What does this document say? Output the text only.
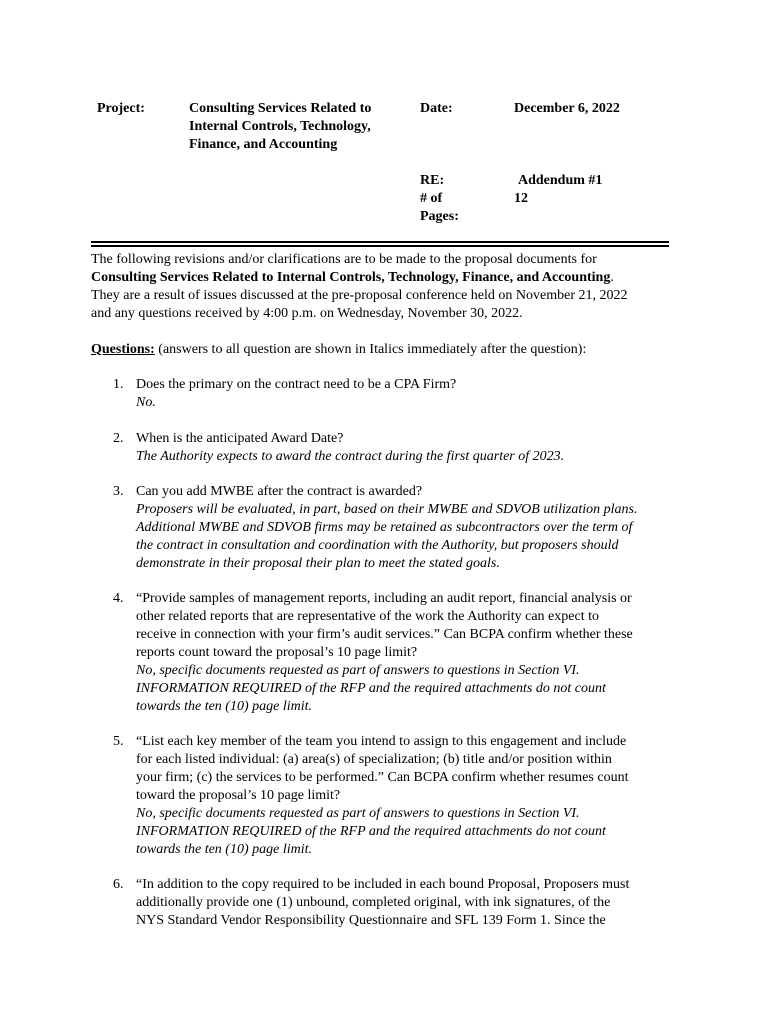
Project:	Consulting Services Related to
Internal Controls, Technology,
Finance, and Accounting
Date:	December 6, 2022
RE:
# of
Pages:
Addendum #1
12
The following revisions and/or clarifications are to be made to the proposal documents for
Consulting Services Related to Internal Controls, Technology, Finance, and Accounting.
They are a result of issues discussed at the pre-proposal conference held on November 21, 2022
and any questions received by 4:00 p.m. on Wednesday, November 30, 2022.
Questions: (answers to all question are shown in Italics immediately after the question):
1. Does the primary on the contract need to be a CPA Firm?
No.
2. When is the anticipated Award Date?
The Authority expects to award the contract during the first quarter of 2023.
3. Can you add MWBE after the contract is awarded?
Proposers will be evaluated, in part, based on their MWBE and SDVOB utilization plans.
Additional MWBE and SDVOB firms may be retained as subcontractors over the term of
the contract in consultation and coordination with the Authority, but proposers should
demonstrate in their proposal their plan to meet the stated goals.
4. “Provide samples of management reports, including an audit report, financial analysis or
other related reports that are representative of the work the Authority can expect to
receive in connection with your firm’s audit services.” Can BCPA confirm whether these
reports count toward the proposal’s 10 page limit?
No, specific documents requested as part of answers to questions in Section VI.
INFORMATION REQUIRED of the RFP and the required attachments do not count
towards the ten (10) page limit.
5. “List each key member of the team you intend to assign to this engagement and include
for each listed individual: (a) area(s) of specialization; (b) title and/or position within
your firm; (c) the services to be performed.” Can BCPA confirm whether resumes count
toward the proposal’s 10 page limit?
No, specific documents requested as part of answers to questions in Section VI.
INFORMATION REQUIRED of the RFP and the required attachments do not count
towards the ten (10) page limit.
6. “In addition to the copy required to be included in each bound Proposal, Proposers must
additionally provide one (1) unbound, completed original, with ink signatures, of the
NYS Standard Vendor Responsibility Questionnaire and SFL 139 Form 1. Since the
